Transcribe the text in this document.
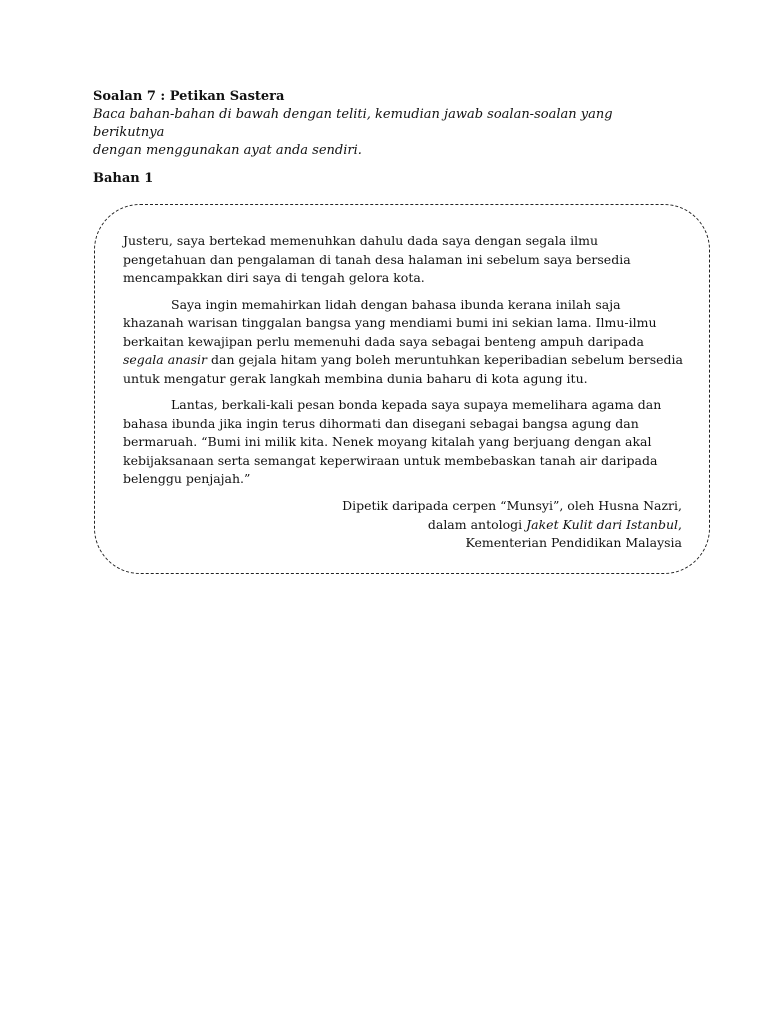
Soalan 7 : Petikan Sastera
Baca bahan-bahan di bawah dengan teliti, kemudian jawab soalan-soalan yang berikutnya
dengan menggunakan ayat anda sendiri.
Bahan 1

Justeru, saya bertekad memenuhkan dahulu dada saya dengan segala ilmu pengetahuan dan pengalaman di tanah desa halaman ini sebelum saya bersedia mencampakkan diri saya di tengah gelora kota.

Saya ingin memahirkan lidah dengan bahasa ibunda kerana inilah saja khazanah warisan tinggalan bangsa yang mendiami bumi ini sekian lama. Ilmu-ilmu berkaitan kewajipan perlu memenuhi dada saya sebagai benteng ampuh daripada segala anasir dan gejala hitam yang boleh meruntuhkan keperibadian sebelum bersedia untuk mengatur gerak langkah membina dunia baharu di kota agung itu.

Lantas, berkali-kali pesan bonda kepada saya supaya memelihara agama dan bahasa ibunda jika ingin terus dihormati dan disegani sebagai bangsa agung dan bermaruah. “Bumi ini milik kita. Nenek moyang kitalah yang berjuang dengan akal kebijaksanaan serta semangat keperwiraan untuk membebaskan tanah air daripada belenggu penjajah.”

Dipetik daripada cerpen “Munsyi”, oleh Husna Nazri,
dalam antologi Jaket Kulit dari Istanbul,
Kementerian Pendidikan Malaysia
